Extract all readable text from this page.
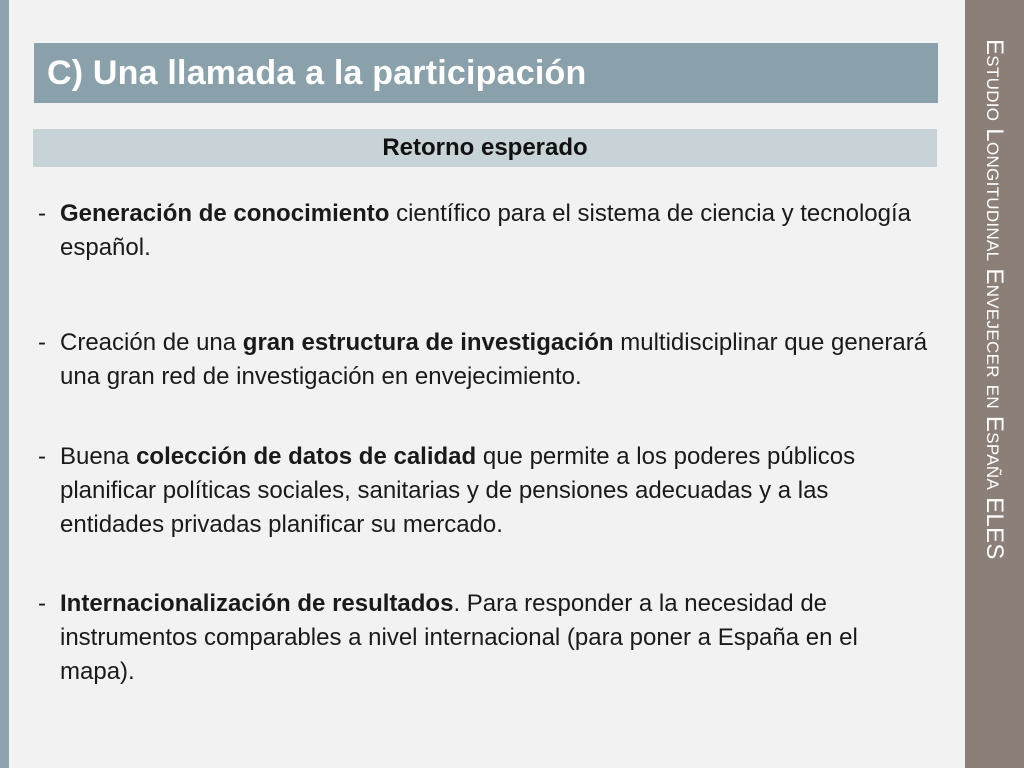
C) Una llamada a la participación
Retorno esperado
- Generación de conocimiento científico para el sistema de ciencia y tecnología español.
- Creación de una gran estructura de investigación multidisciplinar que generará una gran red de investigación en envejecimiento.
- Buena colección de datos de calidad que permite a los poderes públicos planificar políticas sociales, sanitarias y de pensiones adecuadas y a las entidades privadas planificar su mercado.
- Internacionalización de resultados. Para responder a la necesidad de instrumentos comparables a nivel internacional (para poner a España en el mapa).
Estudio Longitudinal Envejecer en España ELES
